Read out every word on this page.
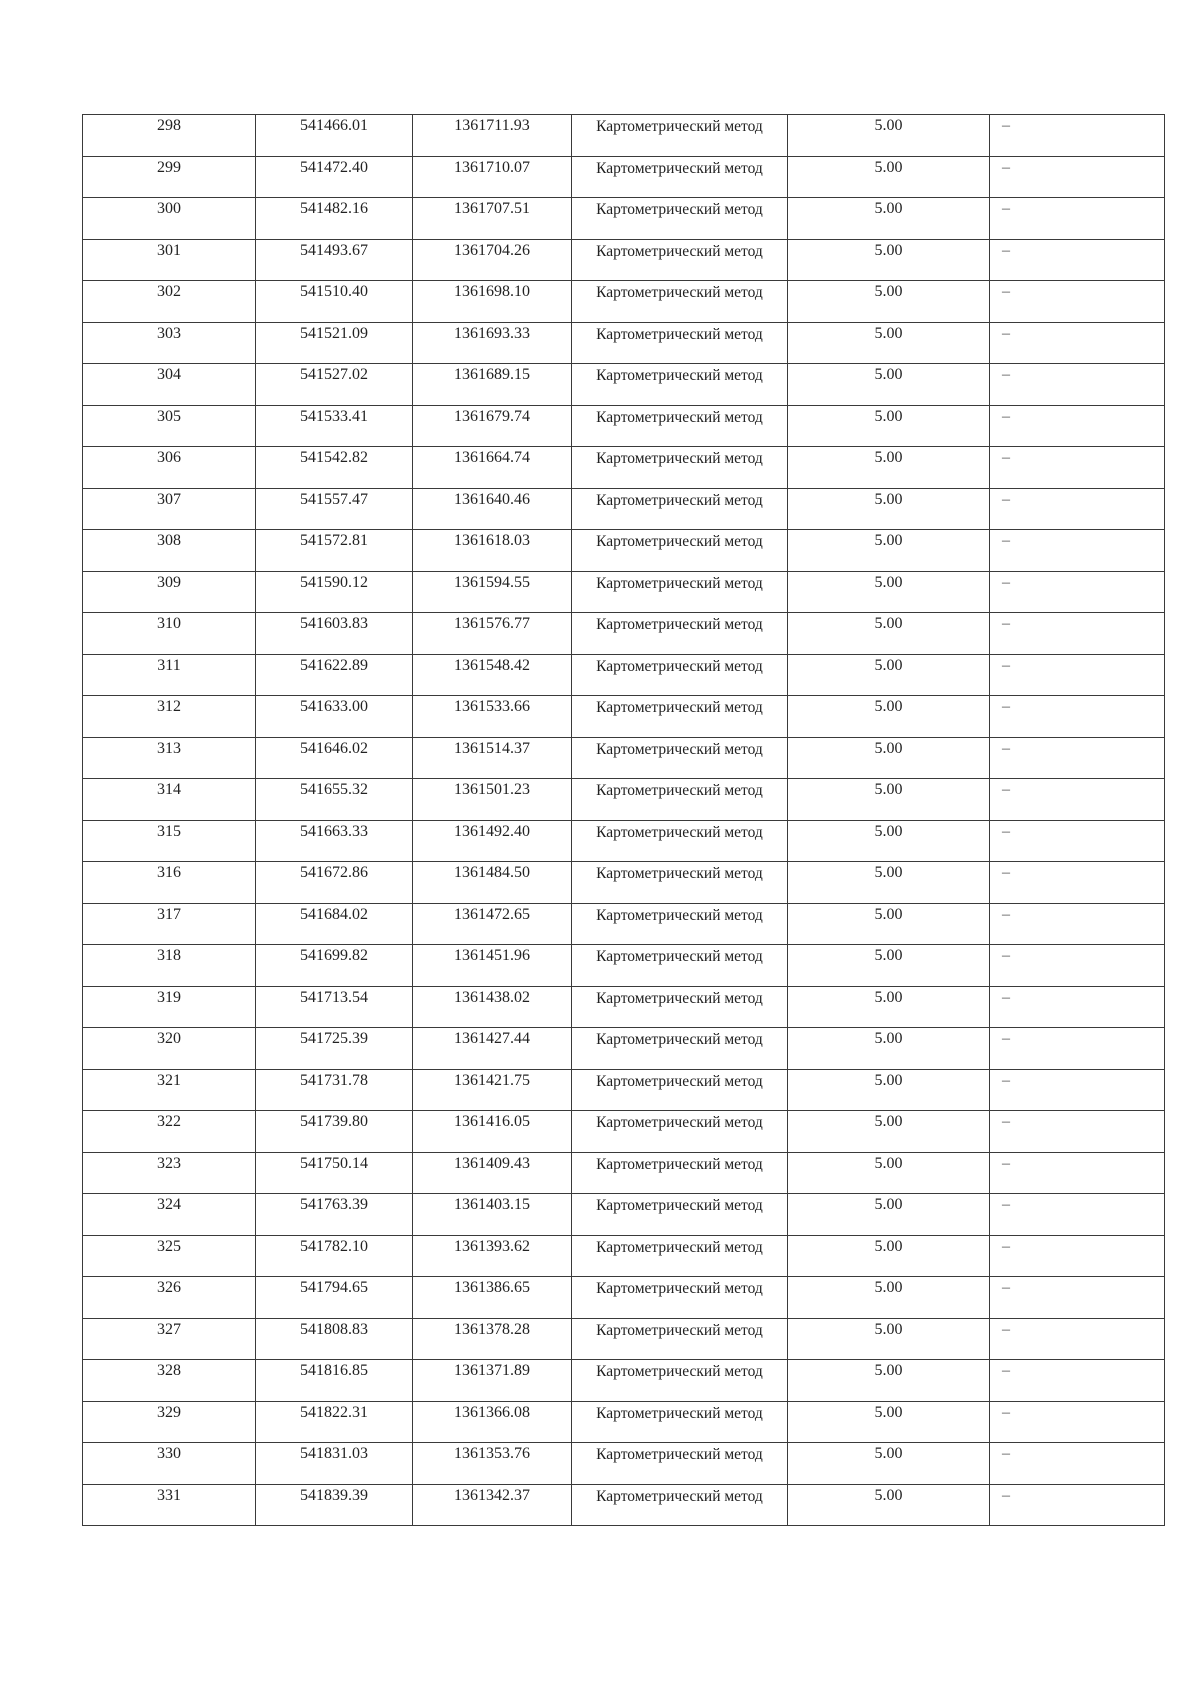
298	541466.01	1361711.93	Картометрический метод	5.00	–

299	541472.40	1361710.07	Картометрический метод	5.00	–

300	541482.16	1361707.51	Картометрический метод	5.00	–

301	541493.67	1361704.26	Картометрический метод	5.00	–

302	541510.40	1361698.10	Картометрический метод	5.00	–

303	541521.09	1361693.33	Картометрический метод	5.00	–

304	541527.02	1361689.15	Картометрический метод	5.00	–

305	541533.41	1361679.74	Картометрический метод	5.00	–

306	541542.82	1361664.74	Картометрический метод	5.00	–

307	541557.47	1361640.46	Картометрический метод	5.00	–

308	541572.81	1361618.03	Картометрический метод	5.00	–

309	541590.12	1361594.55	Картометрический метод	5.00	–

310	541603.83	1361576.77	Картометрический метод	5.00	–

311	541622.89	1361548.42	Картометрический метод	5.00	–

312	541633.00	1361533.66	Картометрический метод	5.00	–

313	541646.02	1361514.37	Картометрический метод	5.00	–

314	541655.32	1361501.23	Картометрический метод	5.00	–

315	541663.33	1361492.40	Картометрический метод	5.00	–

316	541672.86	1361484.50	Картометрический метод	5.00	–

317	541684.02	1361472.65	Картометрический метод	5.00	–

318	541699.82	1361451.96	Картометрический метод	5.00	–

319	541713.54	1361438.02	Картометрический метод	5.00	–

320	541725.39	1361427.44	Картометрический метод	5.00	–

321	541731.78	1361421.75	Картометрический метод	5.00	–

322	541739.80	1361416.05	Картометрический метод	5.00	–

323	541750.14	1361409.43	Картометрический метод	5.00	–

324	541763.39	1361403.15	Картометрический метод	5.00	–

325	541782.10	1361393.62	Картометрический метод	5.00	–

326	541794.65	1361386.65	Картометрический метод	5.00	–

327	541808.83	1361378.28	Картометрический метод	5.00	–

328	541816.85	1361371.89	Картометрический метод	5.00	–

329	541822.31	1361366.08	Картометрический метод	5.00	–

330	541831.03	1361353.76	Картометрический метод	5.00	–

331	541839.39	1361342.37	Картометрический метод	5.00	–
